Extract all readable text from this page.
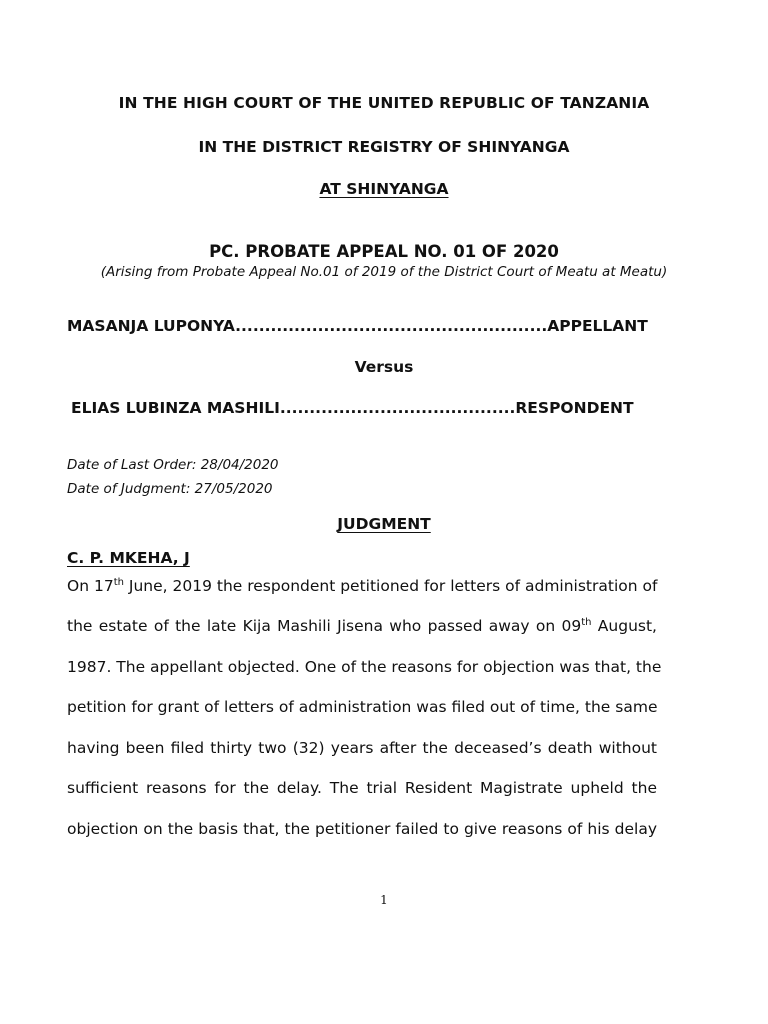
IN THE HIGH COURT OF THE UNITED REPUBLIC OF TANZANIA
IN THE DISTRICT REGISTRY OF SHINYANGA
AT SHINYANGA
PC. PROBATE APPEAL NO. 01 OF 2020
(Arising from Probate Appeal No.01 of 2019 of the District Court of Meatu at Meatu)
MASANJA LUPONYA.....................................................APPELLANT
Versus
ELIAS LUBINZA MASHILI........................................RESPONDENT
Date of Last Order: 28/04/2020
Date of Judgment: 27/05/2020
JUDGMENT
C. P. MKEHA, J
On 17th June, 2019 the respondent petitioned for letters of administration of
the estate of the late Kija Mashili Jisena who passed away on 09th August,
1987. The appellant objected. One of the reasons for objection was that, the
petition for grant of letters of administration was filed out of time, the same
having been filed thirty two (32) years after the deceased’s death without
sufficient reasons for the delay. The trial Resident Magistrate upheld the
objection on the basis that, the petitioner failed to give reasons of his delay
1
